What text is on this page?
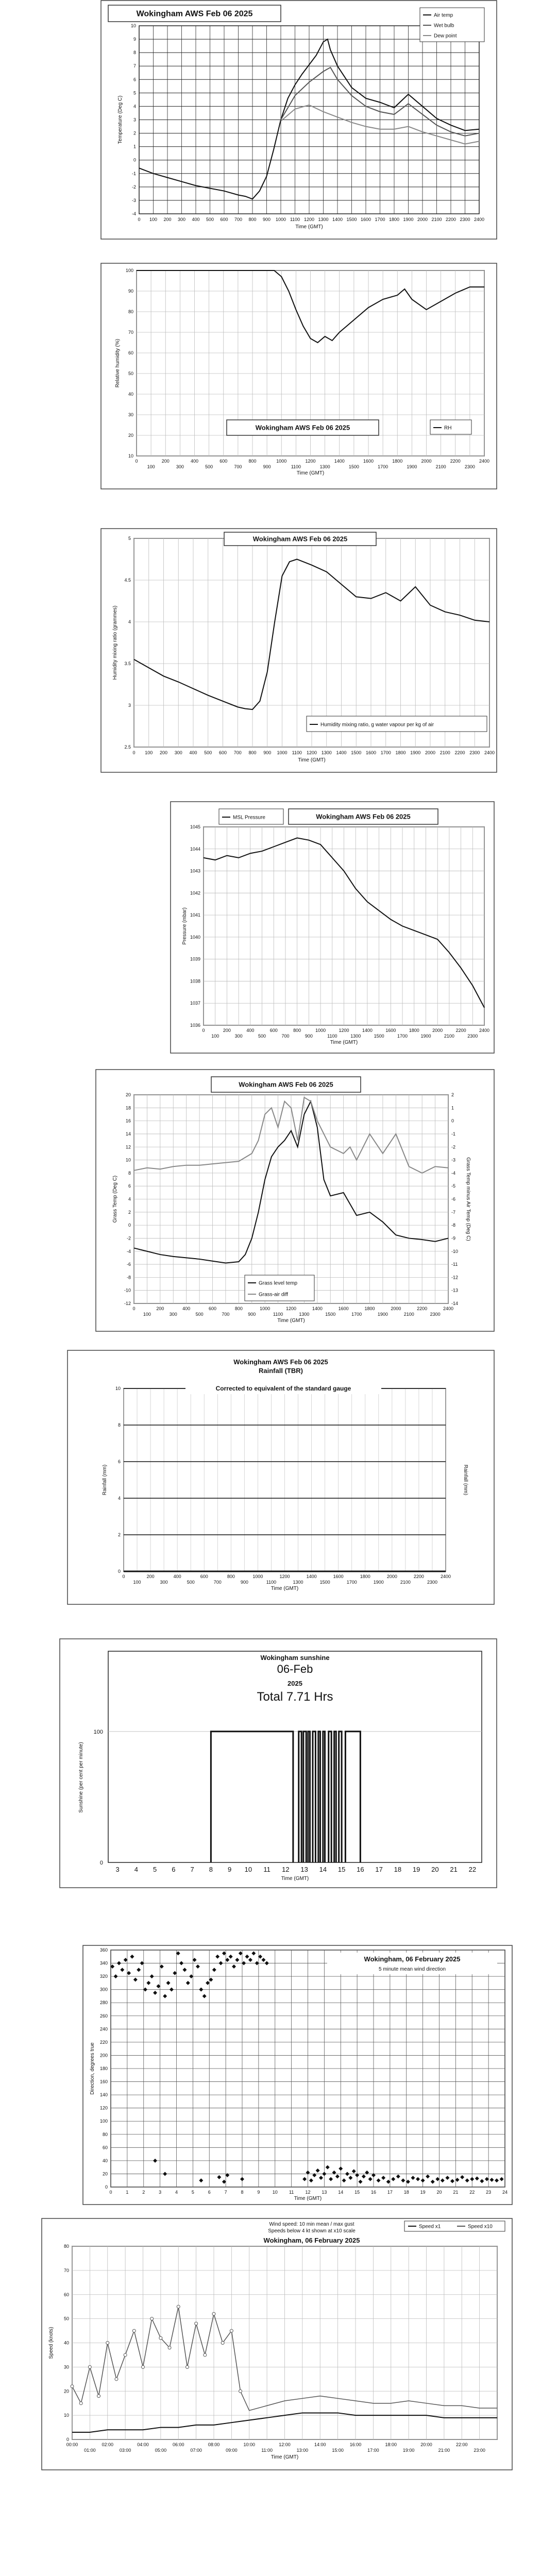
-4
-3
-2
-1
0
1
2
3
4
5
6
7
8
9
10
0 100 200 300 400 500 600 700 800 900 1000 1100 1200 1300 1400 1500 1600 1700 1800 1900 2000 2100 2200 2300 2400
Time (GMT)
Temperature (Deg C)
Wokingham AWS Feb 06 2025	Air temp
Wet bulb
Dew point
10
20
30
40
50
60
70
80
90
100
0	200	400	600	800	1000	1200	1400	1600	1800	2000	2200	2400
100	300	500	700	900	1100	1300	1500	1700	1900	2100	2300
Time (GMT)
Relative humidity (%)
Wokingham AWS Feb 06 2025	RH
2.5
3
3.5
4
4.5
5
0 100 200 300 400 500 600 700 800 900 1000 1100 1200 1300 1400 1500 1600 1700 1800 1900 2000 2100 2200 2300 2400
Time (GMT)
Humidity mixing ratio (grammes)
Wokingham AWS Feb 06 2025
Humidity mixing ratio, g water vapour per kg of air
1036
1037
1038
1039
1040
1041
1042
1043
1044
1045
0	200	400	600	800	1000	1200	1400	1600	1800	2000	2200	2400
100	300	500	700	900	1100	1300	1500	1700	1900	2100	2300
Time (GMT)
Pressure (mbar)
Wokingham AWS Feb 06 2025
MSL Pressure
-12
-10
-8
-6
-4
-2
0
2
4
6
8
10
12
14
16
18
20
-14
-13
-12
-11
-10
-9
-8
-7
-6
-5
-4
-3
-2
-1
0
1
2
0	200	400	600	800	1000	1200	1400	1600	1800	2000	2200	2400
100	300	500	700	900	1100	1300	1500	1700	1900	2100	2300
Time (GMT)
Grass Temp (Deg C)	Grass Temp minus Air Temp (Deg C)
Wokingham AWS Feb 06 2025
Grass level temp
Grass-air diff
0
2
4
6
8
10
0	200	400	600	800	1000	1200	1400	1600	1800	2000	2200	2400
100	300	500	700	900	1100	1300	1500	1700	1900	2100	2300
Time (GMT)
Rainfall (mm)	Rainfall (mm)
Wokingham AWS Feb 06 2025
Rainfall (TBR)
Corrected to equivalent of the standard gauge
0
100
3 4 5 6 7 8 9 10 11 12 13 14 15 16 17 18 19 20 21 22
Time (GMT)
Sunshine (per cent per minute)
Wokingham sunshine
06-Feb
2025
Total 7.71 Hrs
0
20
40
60
80
100
120
140
160
180
200
220
240
260
280
300
320
340
360
0	1	2	3	4	5	6	7	8	9	10 11 12 13 14 15 16 17 18 19 20 21 22 23 24
Time (GMT)
Direction, degrees true
Wokingham, 06 February 2025
5 minute mean wind direction
0
10
20
30
40
50
60
70
80
00:00	02:00	04:00	06:00	08:00	10:00	12:00	14:00	16:00	18:00	20:00	22:00
01:00	03:00	05:00	07:00	09:00	11:00	13:00	15:00	17:00	19:00	21:00	23:00
Time (GMT)
Speed (knots)
Wind speed: 10 min mean / max gust
Speeds below 4 kt shown at x10 scale
Wokingham, 06 February 2025
Speed x1	Speed x10
